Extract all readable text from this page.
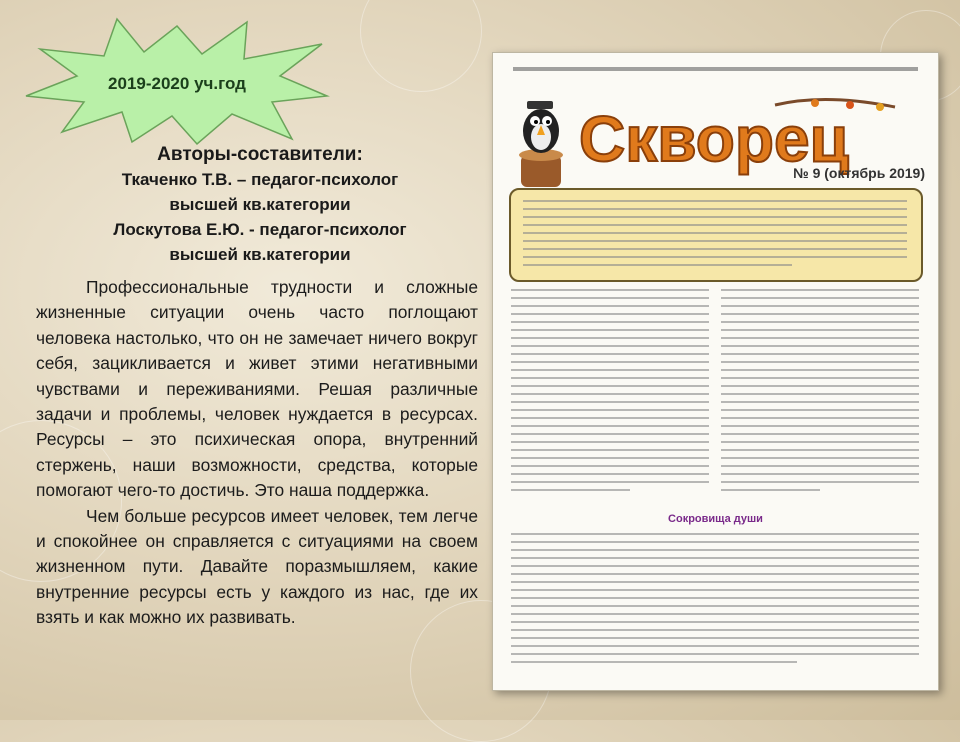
2019-2020 уч.год
Авторы-составители:
Ткаченко Т.В. – педагог-психолог
высшей кв.категории
Лоскутова Е.Ю. - педагог-психолог
высшей кв.категории

Профессиональные трудности и сложные жизненные ситуации очень часто поглощают человека настолько, что он не замечает ничего вокруг себя, зацикливается и живет этими негативными чувствами и переживаниями. Решая различные задачи и проблемы, человек нуждается в ресурсах. Ресурсы – это психическая опора, внутренний стержень, наши возможности, средства, которые помогают чего-то достичь. Это наша поддержка.

Чем больше ресурсов имеет человек, тем легче и спокойнее он справляется с ситуациями на своем жизненном пути. Давайте поразмышляем, какие внутренние ресурсы есть у каждого из нас, где их взять и как можно их развивать.

Скворец
№ 9 (октябрь 2019)
Сокровища души
